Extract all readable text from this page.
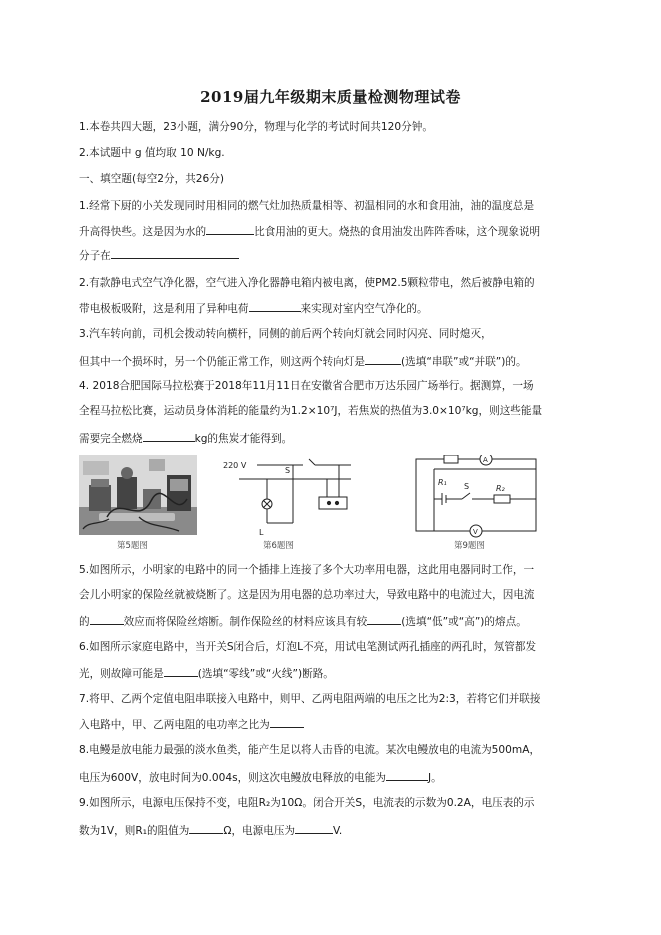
2019届九年级期末质量检测物理试卷
1.本卷共四大题，23小题，满分90分，物理与化学的考试时间共120分钟。
2.本试题中 g 值均取 10 N/kg.
一、填空题(每空2分，共26分)
1.经常下厨的小关发现同时用相同的燃气灶加热质量相等、初温相同的水和食用油，油的温度总是
升高得快些。这是因为水的	比食用油的更大。烧热的食用油发出阵阵香味，这个现象说明
分子在
2.有款静电式空气净化器，空气进入净化器静电箱内被电离，使PM2.5颗粒带电，然后被静电箱的
带电极板吸附，这是利用了异种电荷	来实现对室内空气净化的。
3.汽车转向前，司机会拨动转向横杆，同侧的前后两个转向灯就会同时闪亮、同时熄灭，
但其中一个损坏时，另一个仍能正常工作，则这两个转向灯是	(选填“串联”或“并联”)的。
4. 2018合肥国际马拉松赛于2018年11月11日在安徽省合肥市万达乐园广场举行。据测算，一场
全程马拉松比赛，运动员身体消耗的能量约为1.2×10⁷J，若焦炭的热值为3.0×10⁷kg，则这些能量
需要完全燃烧	kg的焦炭才能得到。
第5题图
220 V
S
L
第6题图
A
V
R₁
R₂
S
第9题图
5.如图所示，小明家的电路中的同一个插排上连接了多个大功率用电器，这此用电器同时工作，一
会儿小明家的保险丝就被烧断了。这是因为用电器的总功率过大，导致电路中的电流过大，因电流
的	效应而将保险丝熔断。制作保险丝的材料应该具有较	(选填“低”或“高”)的熔点。
6.如图所示家庭电路中，当开关S闭合后，灯泡L不亮，用试电笔测试两孔插座的两孔时，氖管都发
光，则故障可能是	(选填“零线”或“火线”)断路。
7.将甲、乙两个定值电阻串联接入电路中，则甲、乙两电阻两端的电压之比为2:3，若将它们并联接
入电路中，甲、乙两电阻的电功率之比为
8.电鳗是放电能力最强的淡水鱼类，能产生足以将人击昏的电流。某次电鳗放电的电流为500mA，
电压为600V，放电时间为0.004s，则这次电鳗放电释放的电能为	J。
9.如图所示，电源电压保持不变，电阻R₂为10Ω。闭合开关S，电流表的示数为0.2A，电压表的示
数为1V，则R₁的阻值为	Ω，电源电压为	V.
